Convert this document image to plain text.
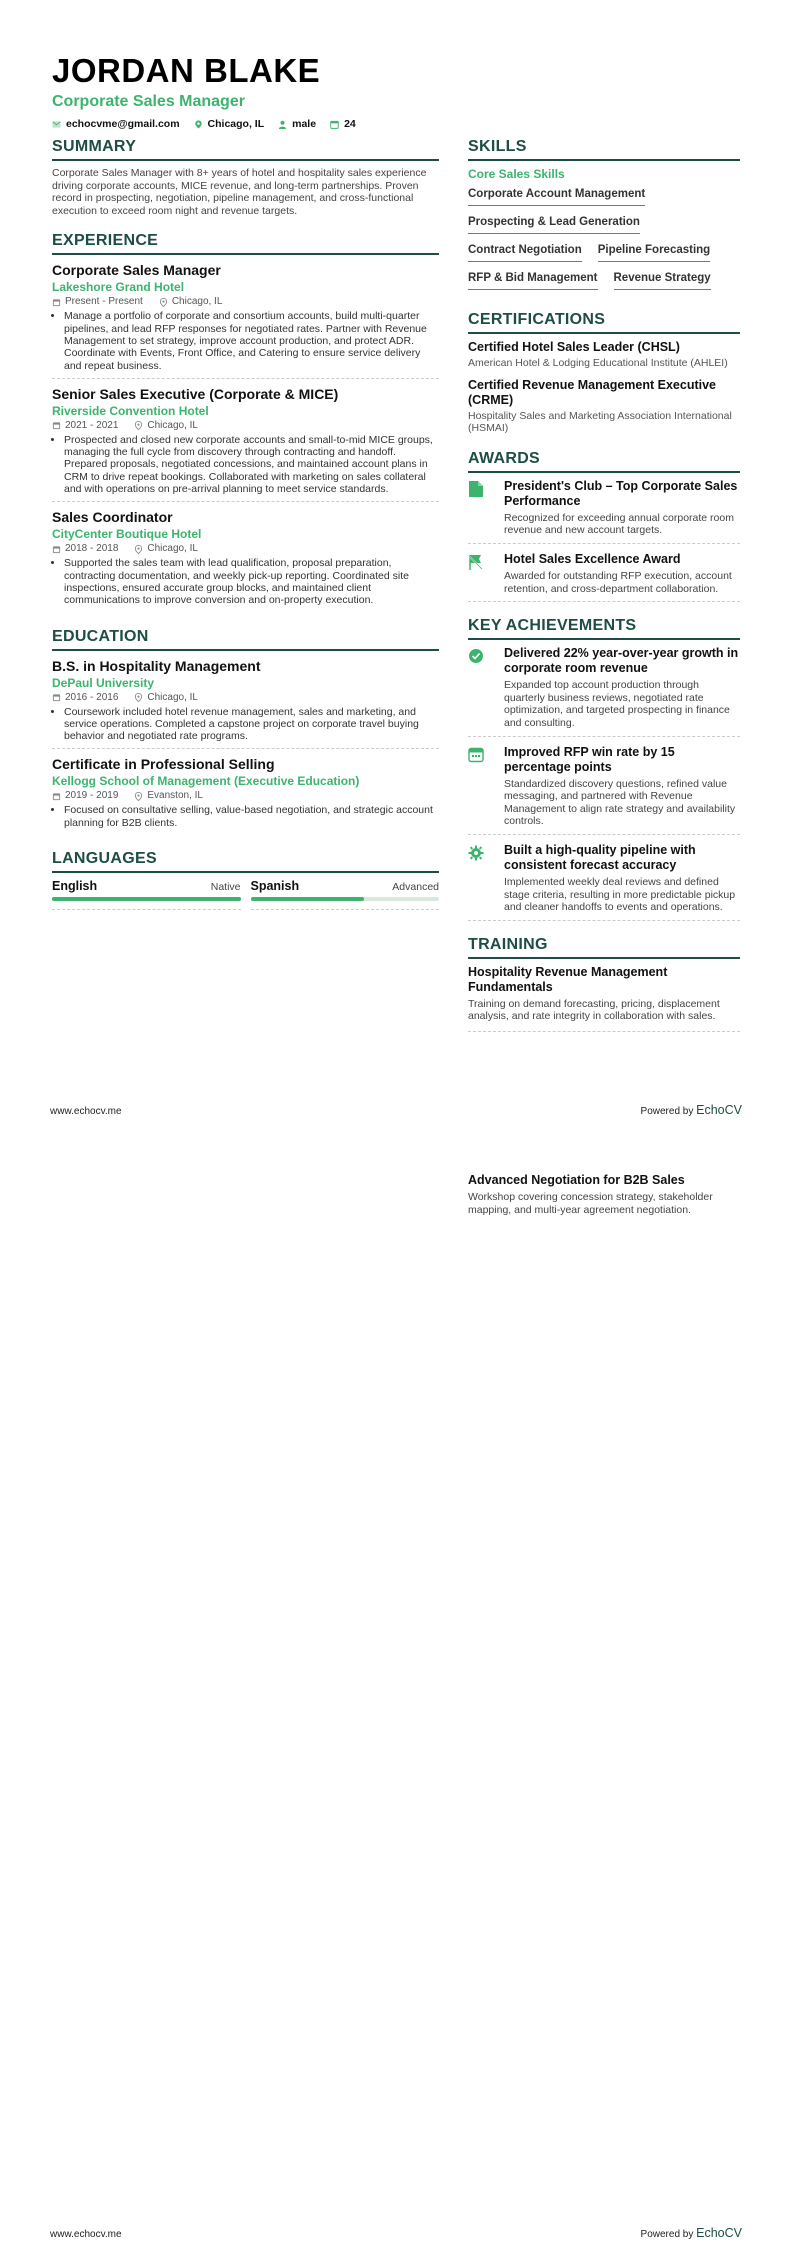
JORDAN BLAKE
Corporate Sales Manager
echocvme@gmail.com	Chicago, IL	male	24
SUMMARY
Corporate Sales Manager with 8+ years of hotel and hospitality sales experience driving corporate accounts, MICE revenue, and long-term partnerships. Proven record in prospecting, negotiation, pipeline management, and cross-functional execution to exceed room night and revenue targets.
EXPERIENCE
Corporate Sales Manager
Lakeshore Grand Hotel
Present - Present	Chicago, IL
• Manage a portfolio of corporate and consortium accounts, build multi-quarter pipelines, and lead RFP responses for negotiated rates. Partner with Revenue Management to set strategy, improve account production, and protect ADR. Coordinate with Events, Front Office, and Catering to ensure service delivery and repeat business.
Senior Sales Executive (Corporate & MICE)
Riverside Convention Hotel
2021 - 2021	Chicago, IL
• Prospected and closed new corporate accounts and small-to-mid MICE groups, managing the full cycle from discovery through contracting and handoff. Prepared proposals, negotiated concessions, and maintained account plans in CRM to drive repeat bookings. Collaborated with marketing on sales collateral and with operations on pre-arrival planning to meet service standards.
Sales Coordinator
CityCenter Boutique Hotel
2018 - 2018	Chicago, IL
• Supported the sales team with lead qualification, proposal preparation, contracting documentation, and weekly pick-up reporting. Coordinated site inspections, ensured accurate group blocks, and maintained client communications to improve conversion and on-property execution.
EDUCATION
B.S. in Hospitality Management
DePaul University
2016 - 2016	Chicago, IL
• Coursework included hotel revenue management, sales and marketing, and service operations. Completed a capstone project on corporate travel buying behavior and negotiated rate programs.
Certificate in Professional Selling
Kellogg School of Management (Executive Education)
2019 - 2019	Evanston, IL
• Focused on consultative selling, value-based negotiation, and strategic account planning for B2B clients.
LANGUAGES
English	Native Spanish	Advanced
SKILLS
Core Sales Skills
Corporate Account Management
Prospecting & Lead Generation
Contract Negotiation Pipeline Forecasting
RFP & Bid Management Revenue Strategy
CERTIFICATIONS
Certified Hotel Sales Leader (CHSL)
American Hotel & Lodging Educational Institute (AHLEI)
Certified Revenue Management Executive (CRME)
Hospitality Sales and Marketing Association International (HSMAI)
AWARDS
President's Club – Top Corporate Sales Performance
Recognized for exceeding annual corporate room revenue and new account targets.
Hotel Sales Excellence Award
Awarded for outstanding RFP execution, account retention, and cross-department collaboration.
KEY ACHIEVEMENTS
Delivered 22% year-over-year growth in corporate room revenue
Expanded top account production through quarterly business reviews, negotiated rate optimization, and targeted prospecting in finance and consulting.
Improved RFP win rate by 15 percentage points
Standardized discovery questions, refined value messaging, and partnered with Revenue Management to align rate strategy and availability controls.
Built a high-quality pipeline with consistent forecast accuracy
Implemented weekly deal reviews and defined stage criteria, resulting in more predictable pickup and cleaner handoffs to events and operations.
TRAINING
Hospitality Revenue Management Fundamentals
Training on demand forecasting, pricing, displacement analysis, and rate integrity in collaboration with sales.
www.echocv.me	Powered by EchoCV
Advanced Negotiation for B2B Sales
Workshop covering concession strategy, stakeholder mapping, and multi-year agreement negotiation.
www.echocv.me	Powered by EchoCV
